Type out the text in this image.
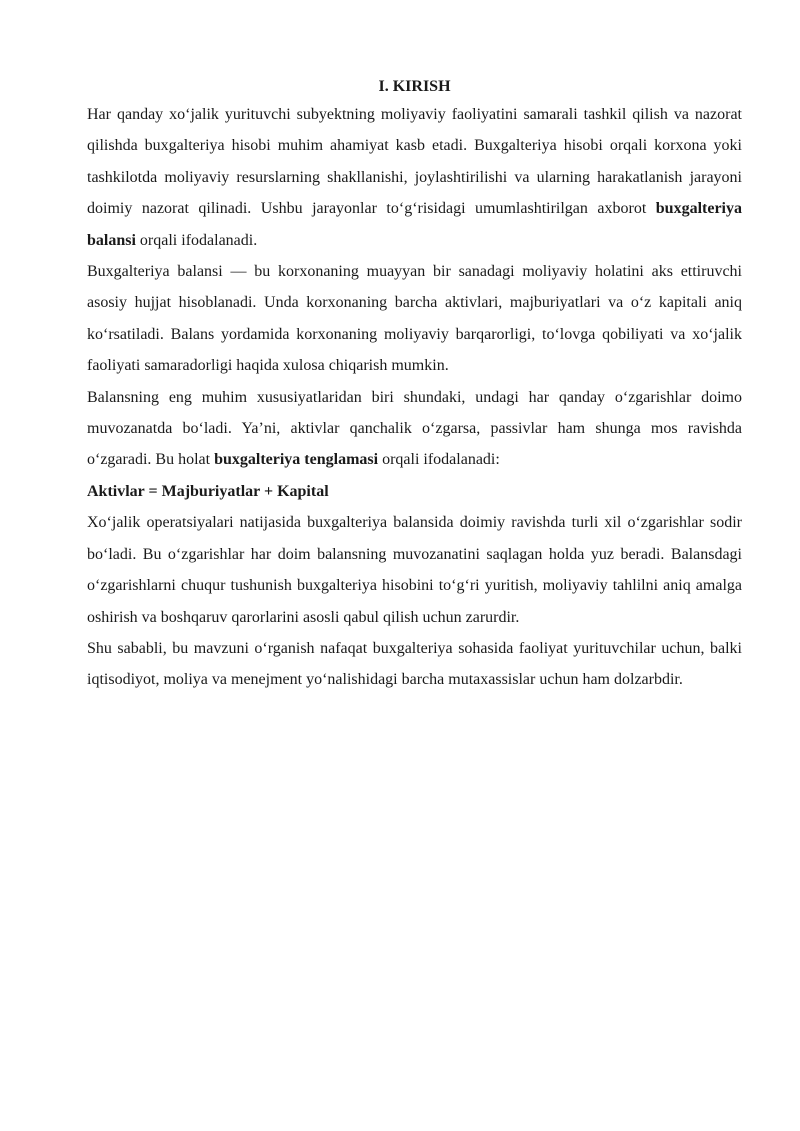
I. KIRISH

Har qanday xo‘jalik yurituvchi subyektning moliyaviy faoliyatini samarali tashkil qilish va nazorat qilishda buxgalteriya hisobi muhim ahamiyat kasb etadi. Buxgalteriya hisobi orqali korxona yoki tashkilotda moliyaviy resurslarning shakllanishi, joylashtirilishi va ularning harakatlanish jarayoni doimiy nazorat qilinadi. Ushbu jarayonlar to‘g‘risidagi umumlashtirilgan axborot buxgalteriya balansi orqali ifodalanadi.

Buxgalteriya balansi — bu korxonaning muayyan bir sanadagi moliyaviy holatini aks ettiruvchi asosiy hujjat hisoblanadi. Unda korxonaning barcha aktivlari, majburiyatlari va o‘z kapitali aniq ko‘rsatiladi. Balans yordamida korxonaning moliyaviy barqarorligi, to‘lovga qobiliyati va xo‘jalik faoliyati samaradorligi haqida xulosa chiqarish mumkin.

Balansning eng muhim xususiyatlaridan biri shundaki, undagi har qanday o‘zgarishlar doimo muvozanatda bo‘ladi. Ya’ni, aktivlar qanchalik o‘zgarsa, passivlar ham shunga mos ravishda o‘zgaradi. Bu holat buxgalteriya tenglamasi orqali ifodalanadi:

Aktivlar = Majburiyatlar + Kapital

Xo‘jalik operatsiyalari natijasida buxgalteriya balansida doimiy ravishda turli xil o‘zgarishlar sodir bo‘ladi. Bu o‘zgarishlar har doim balansning muvozanatini saqlagan holda yuz beradi. Balansdagi o‘zgarishlarni chuqur tushunish buxgalteriya hisobini to‘g‘ri yuritish, moliyaviy tahlilni aniq amalga oshirish va boshqaruv qarorlarini asosli qabul qilish uchun zarurdir.

Shu sababli, bu mavzuni o‘rganish nafaqat buxgalteriya sohasida faoliyat yurituvchilar uchun, balki iqtisodiyot, moliya va menejment yo‘nalishidagi barcha mutaxassislar uchun ham dolzarbdir.
